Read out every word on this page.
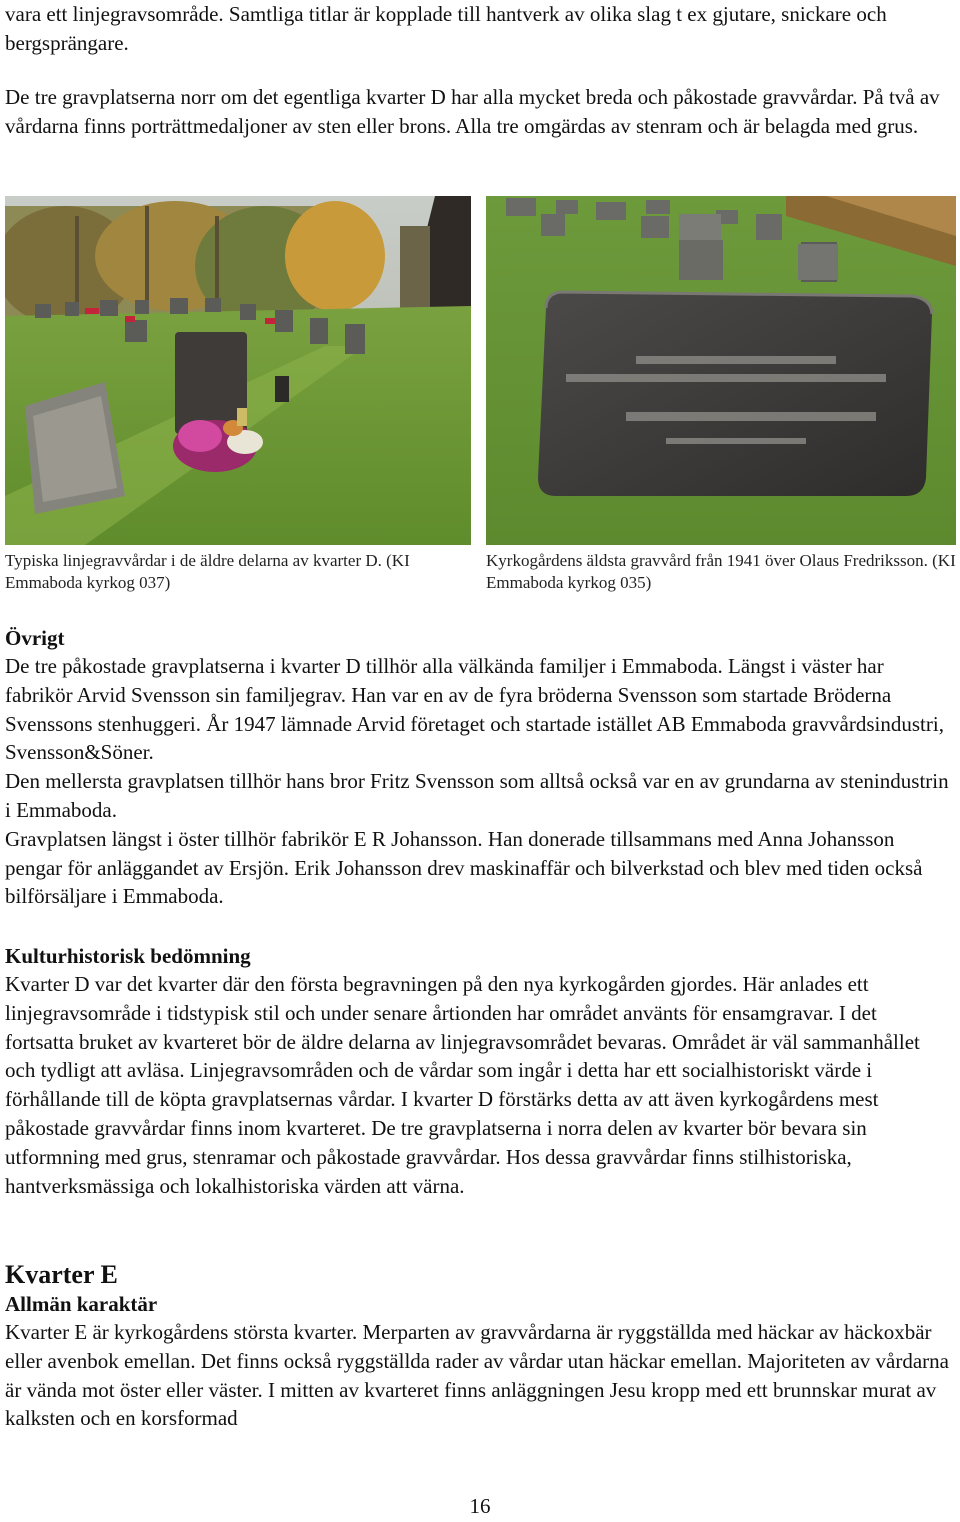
vara ett linjegravsområde. Samtliga titlar är kopplade till hantverk av olika slag t ex gjutare, snickare och bergsprängare.

De tre gravplatserna norr om det egentliga kvarter D har alla mycket breda och påkostade gravvårdar. På två av vårdarna finns porträttmedaljoner av sten eller brons. Alla tre omgärdas av stenram och är belagda med grus.

Typiska linjegravvårdar i de äldre delarna av kvarter D. (KI Emmaboda kyrkog 037)
Kyrkogårdens äldsta gravvård från 1941 över Olaus Fredriksson. (KI Emmaboda kyrkog 035)
Övrigt

De tre påkostade gravplatserna i kvarter D tillhör alla välkända familjer i Emmaboda. Längst i väster har fabrikör Arvid Svensson sin familjegrav. Han var en av de fyra bröderna Svensson som startade Bröderna Svenssons stenhuggeri. År 1947 lämnade Arvid företaget och startade istället AB Emmaboda gravvårdsindustri, Svensson&Söner.

Den mellersta gravplatsen tillhör hans bror Fritz Svensson som alltså också var en av grundarna av stenindustrin i Emmaboda.

Gravplatsen längst i öster tillhör fabrikör E R Johansson. Han donerade tillsammans med Anna Johansson pengar för anläggandet av Ersjön. Erik Johansson drev maskinaffär och bilverkstad och blev med tiden också bilförsäljare i Emmaboda.

Kulturhistorisk bedömning

Kvarter D var det kvarter där den första begravningen på den nya kyrkogården gjordes. Här anlades ett linjegravsområde i tidstypisk stil och under senare årtionden har området använts för ensamgravar. I det fortsatta bruket av kvarteret bör de äldre delarna av linjegravsområdet bevaras. Området är väl sammanhållet och tydligt att avläsa. Linjegravsområden och de vårdar som ingår i detta har ett socialhistoriskt värde i förhållande till de köpta gravplatsernas vårdar. I kvarter D förstärks detta av att även kyrkogårdens mest påkostade gravvårdar finns inom kvarteret. De tre gravplatserna i norra delen av kvarter bör bevara sin utformning med grus, stenramar och påkostade gravvårdar. Hos dessa gravvårdar finns stilhistoriska, hantverksmässiga och lokalhistoriska värden att värna.

Kvarter E
Allmän karaktär

Kvarter E är kyrkogårdens största kvarter. Merparten av gravvårdarna är ryggställda med häckar av häckoxbär eller avenbok emellan. Det finns också ryggställda rader av vårdar utan häckar emellan. Majoriteten av vårdarna är vända mot öster eller väster. I mitten av kvarteret finns anläggningen Jesu kropp med ett brunnskar murat av kalksten och en korsformad

16
